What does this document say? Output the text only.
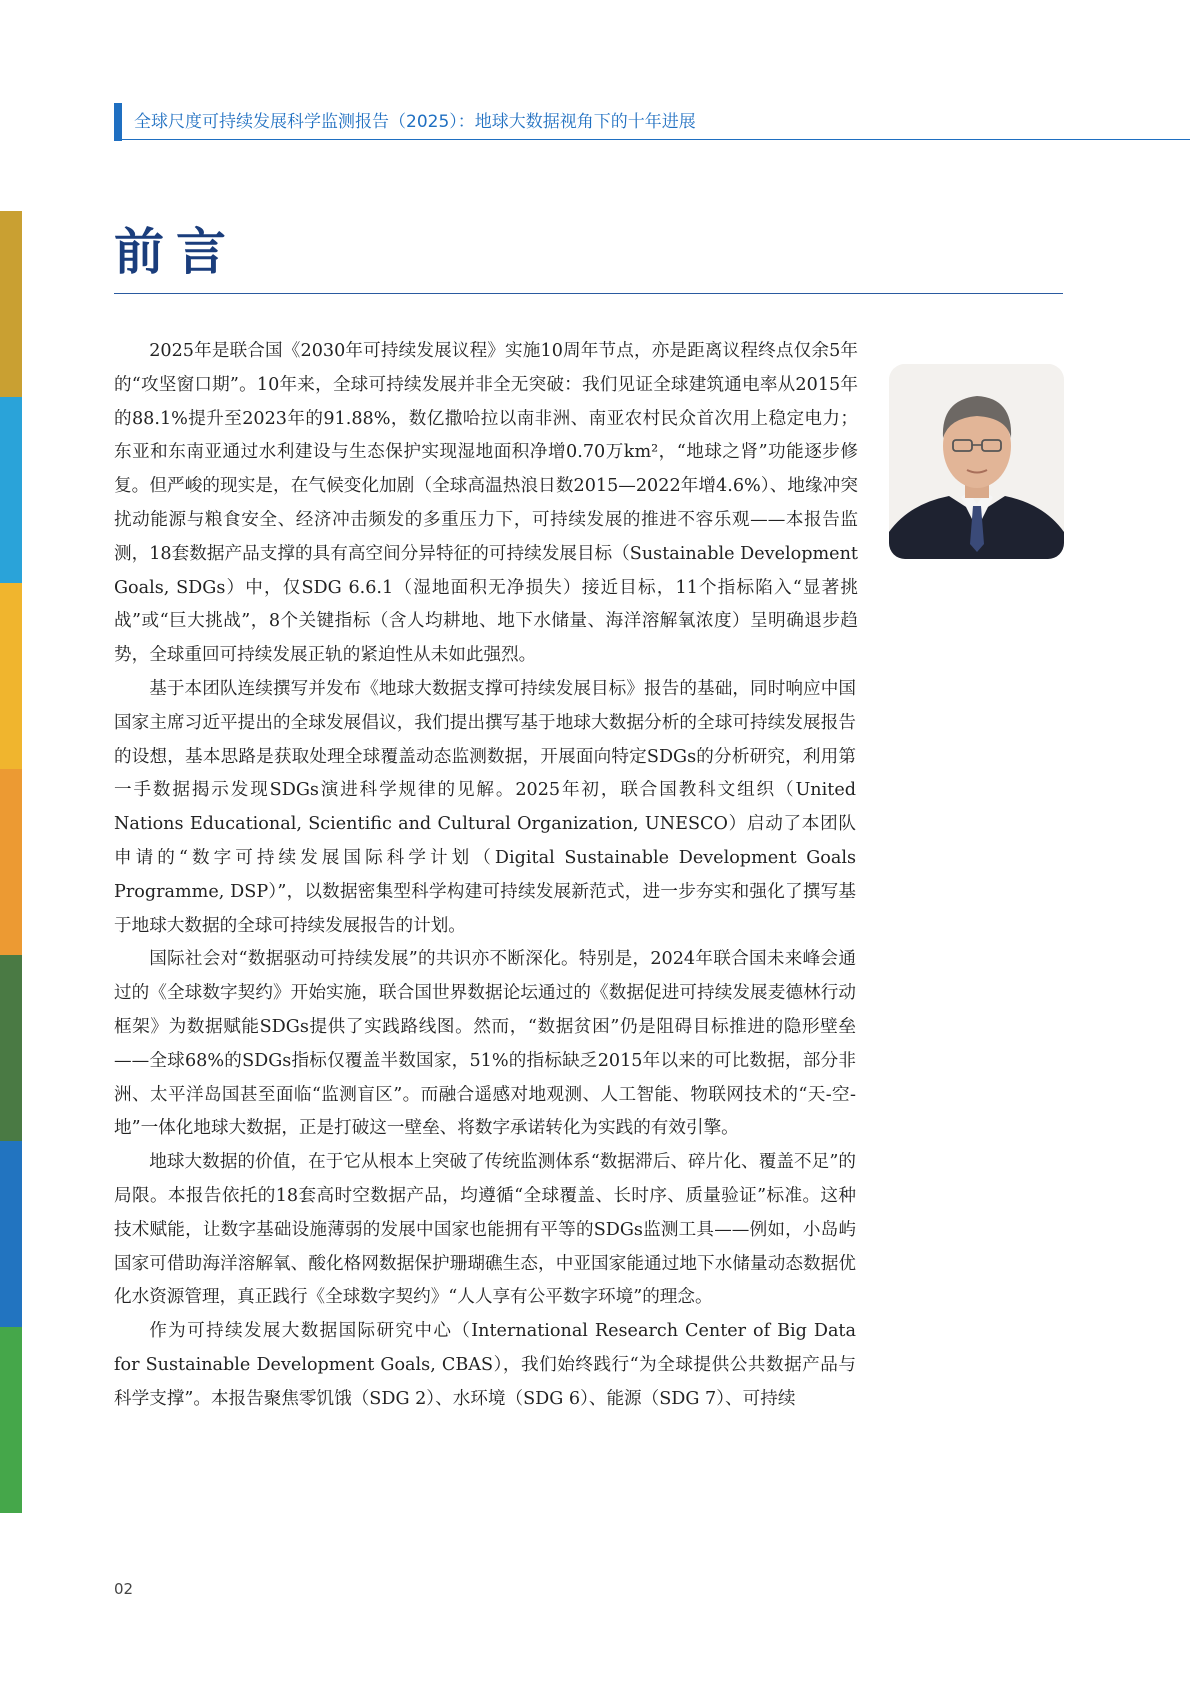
全球尺度可持续发展科学监测报告（2025）：地球大数据视角下的十年进展
前言

2025年是联合国《2030年可持续发展议程》实施10周年节点，亦是距离议程终点仅余5年的“攻坚窗口期”。10年来，全球可持续发展并非全无突破：我们见证全球建筑通电率从2015年的88.1%提升至2023年的91.88%，数亿撒哈拉以南非洲、南亚农村民众首次用上稳定电力；东亚和东南亚通过水利建设与生态保护实现湿地面积净增0.70万km²，“地球之肾”功能逐步修复。但严峻的现实是，在气候变化加剧（全球高温热浪日数2015—2022年增4.6%）、地缘冲突扰动能源与粮食安全、经济冲击频发的多重压力下，可持续发展的推进不容乐观——本报告监测，18套数据产品支撑的具有高空间分异特征的可持续发展目标（Sustainable Development Goals, SDGs）中，仅SDG 6.6.1（湿地面积无净损失）接近目标，11个指标陷入“显著挑战”或“巨大挑战”，8个关键指标（含人均耕地、地下水储量、海洋溶解氧浓度）呈明确退步趋势，全球重回可持续发展正轨的紧迫性从未如此强烈。

基于本团队连续撰写并发布《地球大数据支撑可持续发展目标》报告的基础，同时响应中国国家主席习近平提出的全球发展倡议，我们提出撰写基于地球大数据分析的全球可持续发展报告的设想，基本思路是获取处理全球覆盖动态监测数据，开展面向特定SDGs的分析研究，利用第一手数据揭示发现SDGs演进科学规律的见解。2025年初，联合国教科文组织（United Nations Educational, Scientific and Cultural Organization, UNESCO）启动了本团队申请的“数字可持续发展国际科学计划（Digital Sustainable Development Goals Programme, DSP）”，以数据密集型科学构建可持续发展新范式，进一步夯实和强化了撰写基于地球大数据的全球可持续发展报告的计划。

国际社会对“数据驱动可持续发展”的共识亦不断深化。特别是，2024年联合国未来峰会通过的《全球数字契约》开始实施，联合国世界数据论坛通过的《数据促进可持续发展麦德林行动框架》为数据赋能SDGs提供了实践路线图。然而，“数据贫困”仍是阻碍目标推进的隐形壁垒——全球68%的SDGs指标仅覆盖半数国家，51%的指标缺乏2015年以来的可比数据，部分非洲、太平洋岛国甚至面临“监测盲区”。而融合遥感对地观测、人工智能、物联网技术的“天-空-地”一体化地球大数据，正是打破这一壁垒、将数字承诺转化为实践的有效引擎。

地球大数据的价值，在于它从根本上突破了传统监测体系“数据滞后、碎片化、覆盖不足”的局限。本报告依托的18套高时空数据产品，均遵循“全球覆盖、长时序、质量验证”标准。这种技术赋能，让数字基础设施薄弱的发展中国家也能拥有平等的SDGs监测工具——例如，小岛屿国家可借助海洋溶解氧、酸化格网数据保护珊瑚礁生态，中亚国家能通过地下水储量动态数据优化水资源管理，真正践行《全球数字契约》“人人享有公平数字环境”的理念。

作为可持续发展大数据国际研究中心（International Research Center of Big Data for Sustainable Development Goals, CBAS），我们始终践行“为全球提供公共数据产品与科学支撑”。本报告聚焦零饥饿（SDG 2）、水环境（SDG 6）、能源（SDG 7）、可持续

02
